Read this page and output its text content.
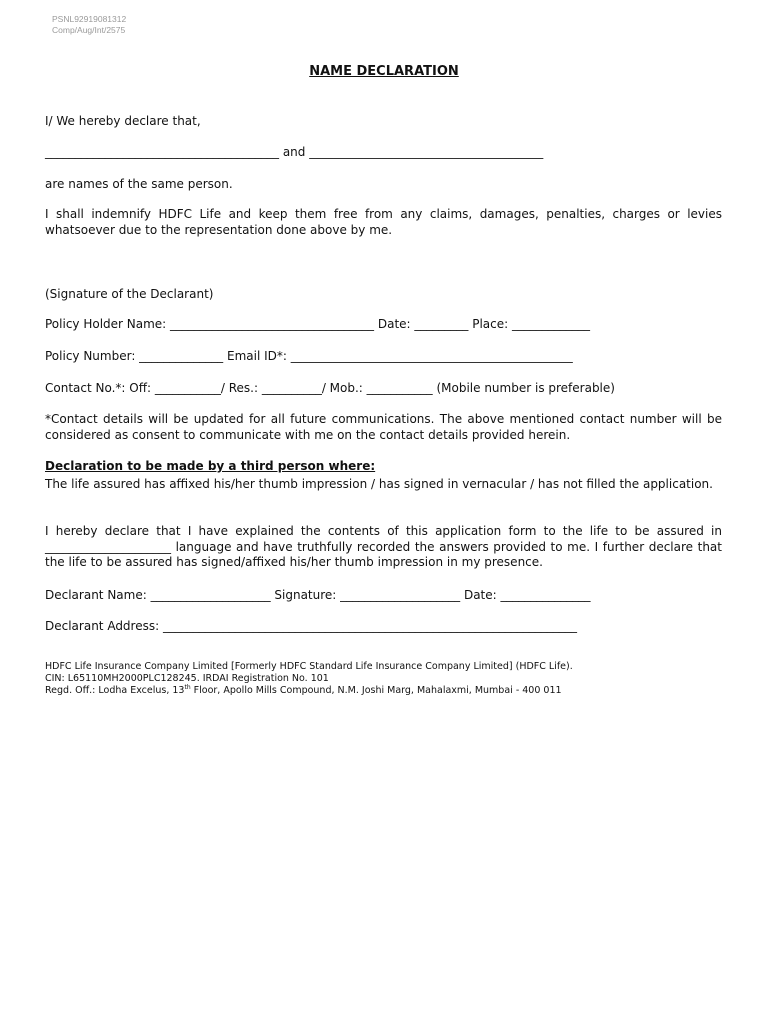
PSNL92919081312
Comp/Aug/Int/2575
NAME DECLARATION
I/ We hereby declare that,
_______________________________________ and _______________________________________
are names of the same person.
I shall indemnify HDFC Life and keep them free from any claims, damages, penalties, charges or levies whatsoever due to the representation done above by me.
(Signature of the Declarant)
Policy Holder Name: __________________________________ Date: _________ Place: _____________
Policy Number: ______________ Email ID*: _______________________________________________
Contact No.*: Off: ___________/ Res.: __________/ Mob.: ___________ (Mobile number is preferable)
*Contact details will be updated for all future communications. The above mentioned contact number will be considered as consent to communicate with me on the contact details provided herein.
Declaration to be made by a third person where:
The life assured has affixed his/her thumb impression / has signed in vernacular / has not filled the application.
I hereby declare that I have explained the contents of this application form to the life to be assured in _____________________ language and have truthfully recorded the answers provided to me. I further declare that the life to be assured has signed/affixed his/her thumb impression in my presence.
Declarant Name: ____________________ Signature: ____________________ Date: _______________
Declarant Address: _____________________________________________________________________
HDFC Life Insurance Company Limited [Formerly HDFC Standard Life Insurance Company Limited] (HDFC Life).
CIN: L65110MH2000PLC128245. IRDAI Registration No. 101
Regd. Off.: Lodha Excelus, 13th Floor, Apollo Mills Compound, N.M. Joshi Marg, Mahalaxmi, Mumbai - 400 011
